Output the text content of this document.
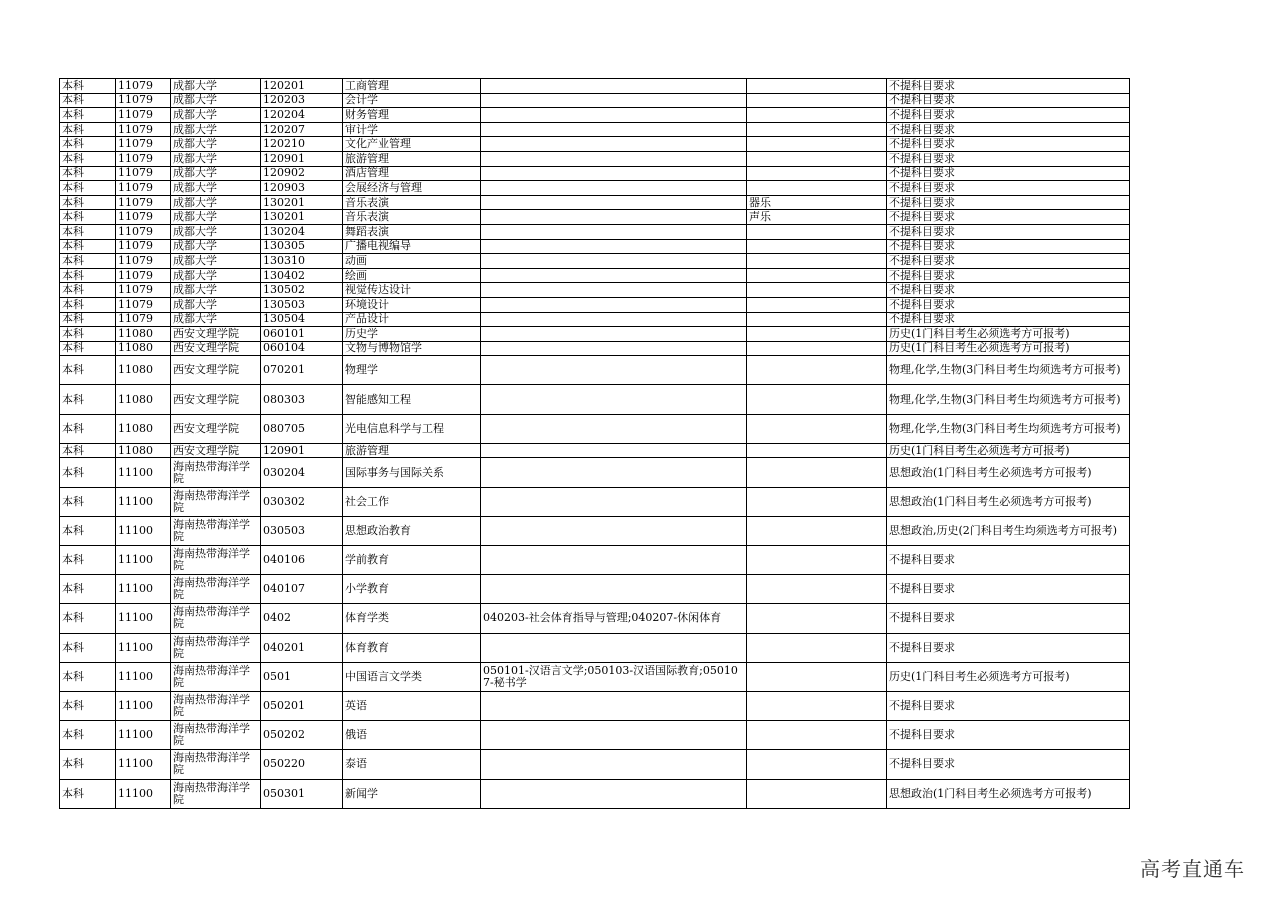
本科	11079	成都大学	120201	工商管理			不提科目要求
本科	11079	成都大学	120203	会计学			不提科目要求
本科	11079	成都大学	120204	财务管理			不提科目要求
本科	11079	成都大学	120207	审计学			不提科目要求
本科	11079	成都大学	120210	文化产业管理			不提科目要求
本科	11079	成都大学	120901	旅游管理			不提科目要求
本科	11079	成都大学	120902	酒店管理			不提科目要求
本科	11079	成都大学	120903	会展经济与管理			不提科目要求
本科	11079	成都大学	130201	音乐表演		器乐	不提科目要求
本科	11079	成都大学	130201	音乐表演		声乐	不提科目要求
本科	11079	成都大学	130204	舞蹈表演			不提科目要求
本科	11079	成都大学	130305	广播电视编导			不提科目要求
本科	11079	成都大学	130310	动画			不提科目要求
本科	11079	成都大学	130402	绘画			不提科目要求
本科	11079	成都大学	130502	视觉传达设计			不提科目要求
本科	11079	成都大学	130503	环境设计			不提科目要求
本科	11079	成都大学	130504	产品设计			不提科目要求
本科	11080	西安文理学院	060101	历史学			历史(1门科目考生必须选考方可报考)
本科	11080	西安文理学院	060104	文物与博物馆学			历史(1门科目考生必须选考方可报考)
本科	11080	西安文理学院	070201	物理学			物理,化学,生物(3门科目考生均须选考方可报考)
本科	11080	西安文理学院	080303	智能感知工程			物理,化学,生物(3门科目考生均须选考方可报考)
本科	11080	西安文理学院	080705	光电信息科学与工程			物理,化学,生物(3门科目考生均须选考方可报考)
本科	11080	西安文理学院	120901	旅游管理			历史(1门科目考生必须选考方可报考)
本科	11100	海南热带海洋学院	030204	国际事务与国际关系			思想政治(1门科目考生必须选考方可报考)
本科	11100	海南热带海洋学院	030302	社会工作			思想政治(1门科目考生必须选考方可报考)
本科	11100	海南热带海洋学院	030503	思想政治教育			思想政治,历史(2门科目考生均须选考方可报考)
本科	11100	海南热带海洋学院	040106	学前教育			不提科目要求
本科	11100	海南热带海洋学院	040107	小学教育			不提科目要求
本科	11100	海南热带海洋学院	0402	体育学类	040203-社会体育指导与管理;040207-休闲体育		不提科目要求
本科	11100	海南热带海洋学院	040201	体育教育			不提科目要求
本科	11100	海南热带海洋学院	0501	中国语言文学类	050101-汉语言文学;050103-汉语国际教育;050107-秘书学		历史(1门科目考生必须选考方可报考)
本科	11100	海南热带海洋学院	050201	英语			不提科目要求
本科	11100	海南热带海洋学院	050202	俄语			不提科目要求
本科	11100	海南热带海洋学院	050220	泰语			不提科目要求
本科	11100	海南热带海洋学院	050301	新闻学			思想政治(1门科目考生必须选考方可报考)
高考直通车
